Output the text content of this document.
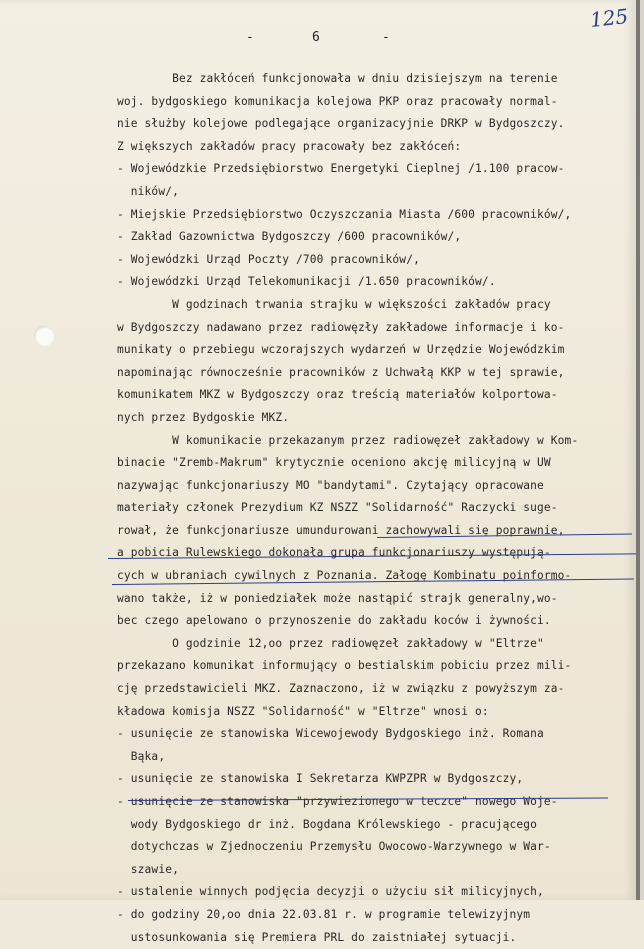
-	6	-
125
Bez zakłóceń funkcjonowała w dniu dzisiejszym na terenie
woj. bydgoskiego komunikacja kolejowa PKP oraz pracowały normal-
nie służby kolejowe podlegające organizacyjnie DRKP w Bydgoszczy.
Z większych zakładów pracy pracowały bez zakłóceń:
- Wojewódzkie Przedsiębiorstwo Energetyki Cieplnej /1.100 pracow-
ników/,
- Miejskie Przedsiębiorstwo Oczyszczania Miasta /600 pracowników/,
- Zakład Gazownictwa Bydgoszczy /600 pracowników/,
- Wojewódzki Urząd Poczty /700 pracowników/,
- Wojewódzki Urząd Telekomunikacji /1.650 pracowników/.
W godzinach trwania strajku w większości zakładów pracy
w Bydgoszczy nadawano przez radiowęzły zakładowe informacje i ko-
munikaty o przebiegu wczorajszych wydarzeń w Urzędzie Wojewódzkim
napominając równocześnie pracowników z Uchwałą KKP w tej sprawie,
komunikatem MKZ w Bydgoszczy oraz treścią materiałów kolportowa-
nych przez Bydgoskie MKZ.
W komunikacie przekazanym przez radiowęzeł zakładowy w Kom-
binacie "Zremb-Makrum" krytycznie oceniono akcję milicyjną w UW
nazywając funkcjonariuszy MO "bandytami". Czytający opracowane
materiały członek Prezydium KZ NSZZ "Solidarność" Raczycki suge-
rował, że funkcjonariusze umundurowani zachowywali się poprawnie,
a pobicia Rulewskiego dokonała grupa funkcjonariuszy występują-
cych w ubraniach cywilnych z Poznania. Załogę Kombinatu poinformo-
wano także, iż w poniedziałek może nastąpić strajk generalny,wo-
bec czego apelowano o przynoszenie do zakładu koców i żywności.
O godzinie 12,oo przez radiowęzeł zakładowy w "Eltrze"
przekazano komunikat informujący o bestialskim pobiciu przez mili-
cję przedstawicieli MKZ. Zaznaczono, iż w związku z powyższym za-
kładowa komisja NSZZ "Solidarność" w "Eltrze" wnosi o:
- usunięcie ze stanowiska Wicewojewody Bydgoskiego inż. Romana
Bąka,
- usunięcie ze stanowiska I Sekretarza KWPZPR w Bydgoszczy,
- usunięcie ze stanowiska "przywiezionego w teczce" nowego Woje-
wody Bydgoskiego dr inż. Bogdana Królewskiego - pracującego
dotychczas w Zjednoczeniu Przemysłu Owocowo-Warzywnego w War-
szawie,
- ustalenie winnych podjęcia decyzji o użyciu sił milicyjnych,
- do godziny 20,oo dnia 22.03.81 r. w programie telewizyjnym
ustosunkowania się Premiera PRL do zaistniałej sytuacji.
